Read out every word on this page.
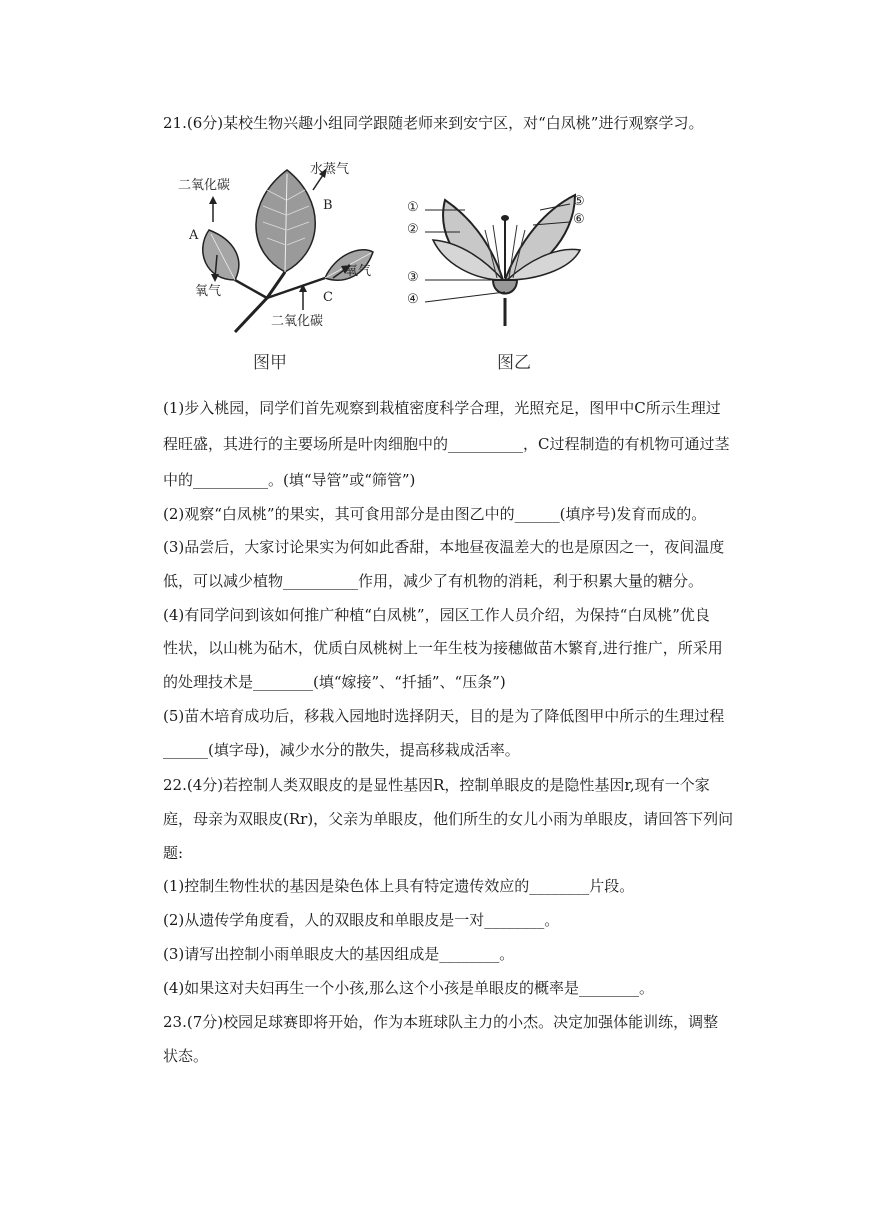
21.(6分)某校生物兴趣小组同学跟随老师来到安宁区，对“白凤桃”进行观察学习。
二氧化碳
水蒸气
A
B
氧气
氧气
C
二氧化碳
图甲
①
②
③
④
⑤
⑥
图乙
(1)步入桃园，同学们首先观察到栽植密度科学合理，光照充足，图甲中C所示生理过
程旺盛，其进行的主要场所是叶肉细胞中的__________，C过程制造的有机物可通过茎
中的__________。(填“导管”或“筛管”)
(2)观察“白凤桃”的果实，其可食用部分是由图乙中的______(填序号)发育而成的。
(3)品尝后，大家讨论果实为何如此香甜，本地昼夜温差大的也是原因之一，夜间温度
低，可以减少植物__________作用，减少了有机物的消耗，利于积累大量的糖分。
(4)有同学问到该如何推广种植“白凤桃”，园区工作人员介绍，为保持“白凤桃”优良
性状，以山桃为砧木，优质白凤桃树上一年生枝为接穗做苗木繁育,进行推广，所采用
的处理技术是________(填“嫁接”、“扦插”、“压条”)
(5)苗木培育成功后，移栽入园地时选择阴天，目的是为了降低图甲中所示的生理过程
______(填字母)，减少水分的散失，提高移栽成活率。
22.(4分)若控制人类双眼皮的是显性基因R，控制单眼皮的是隐性基因r,现有一个家
庭，母亲为双眼皮(Rr)，父亲为单眼皮，他们所生的女儿小雨为单眼皮，请回答下列问
题:
(1)控制生物性状的基因是染色体上具有特定遗传效应的________片段。
(2)从遗传学角度看，人的双眼皮和单眼皮是一对________。
(3)请写出控制小雨单眼皮大的基因组成是________。
(4)如果这对夫妇再生一个小孩,那么这个小孩是单眼皮的概率是________。
23.(7分)校园足球赛即将开始，作为本班球队主力的小杰。决定加强体能训练，调整
状态。
